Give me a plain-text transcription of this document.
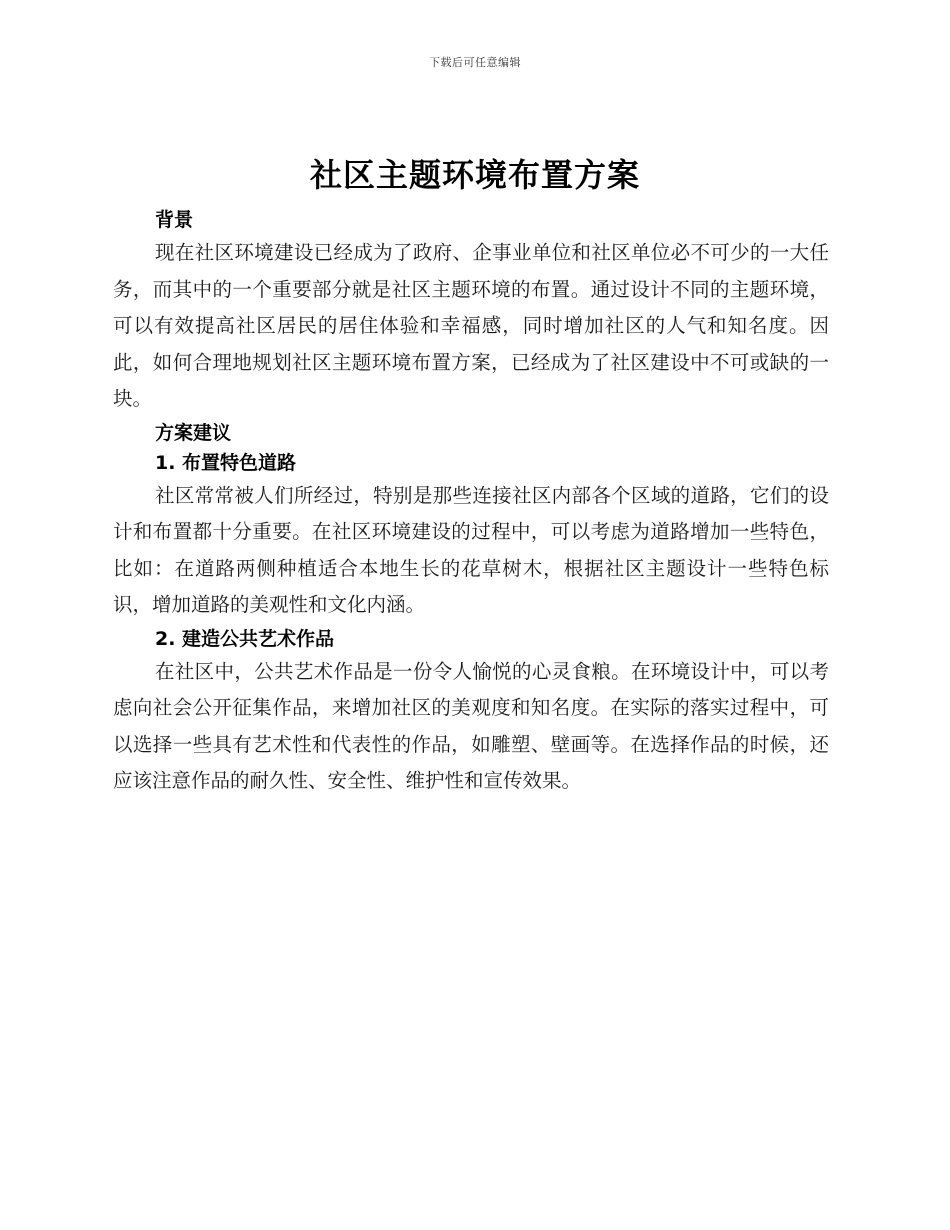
下载后可任意编辑
社区主题环境布置方案
背景

现在社区环境建设已经成为了政府、企事业单位和社区单位必不可少的一大任务，而其中的一个重要部分就是社区主题环境的布置。通过设计不同的主题环境，可以有效提高社区居民的居住体验和幸福感，同时增加社区的人气和知名度。因此，如何合理地规划社区主题环境布置方案，已经成为了社区建设中不可或缺的一块。

方案建议
1. 布置特色道路

社区常常被人们所经过，特别是那些连接社区内部各个区域的道路，它们的设计和布置都十分重要。在社区环境建设的过程中，可以考虑为道路增加一些特色，比如：在道路两侧种植适合本地生长的花草树木，根据社区主题设计一些特色标识，增加道路的美观性和文化内涵。

2. 建造公共艺术作品

在社区中，公共艺术作品是一份令人愉悦的心灵食粮。在环境设计中，可以考虑向社会公开征集作品，来增加社区的美观度和知名度。在实际的落实过程中，可以选择一些具有艺术性和代表性的作品，如雕塑、壁画等。在选择作品的时候，还应该注意作品的耐久性、安全性、维护性和宣传效果。
